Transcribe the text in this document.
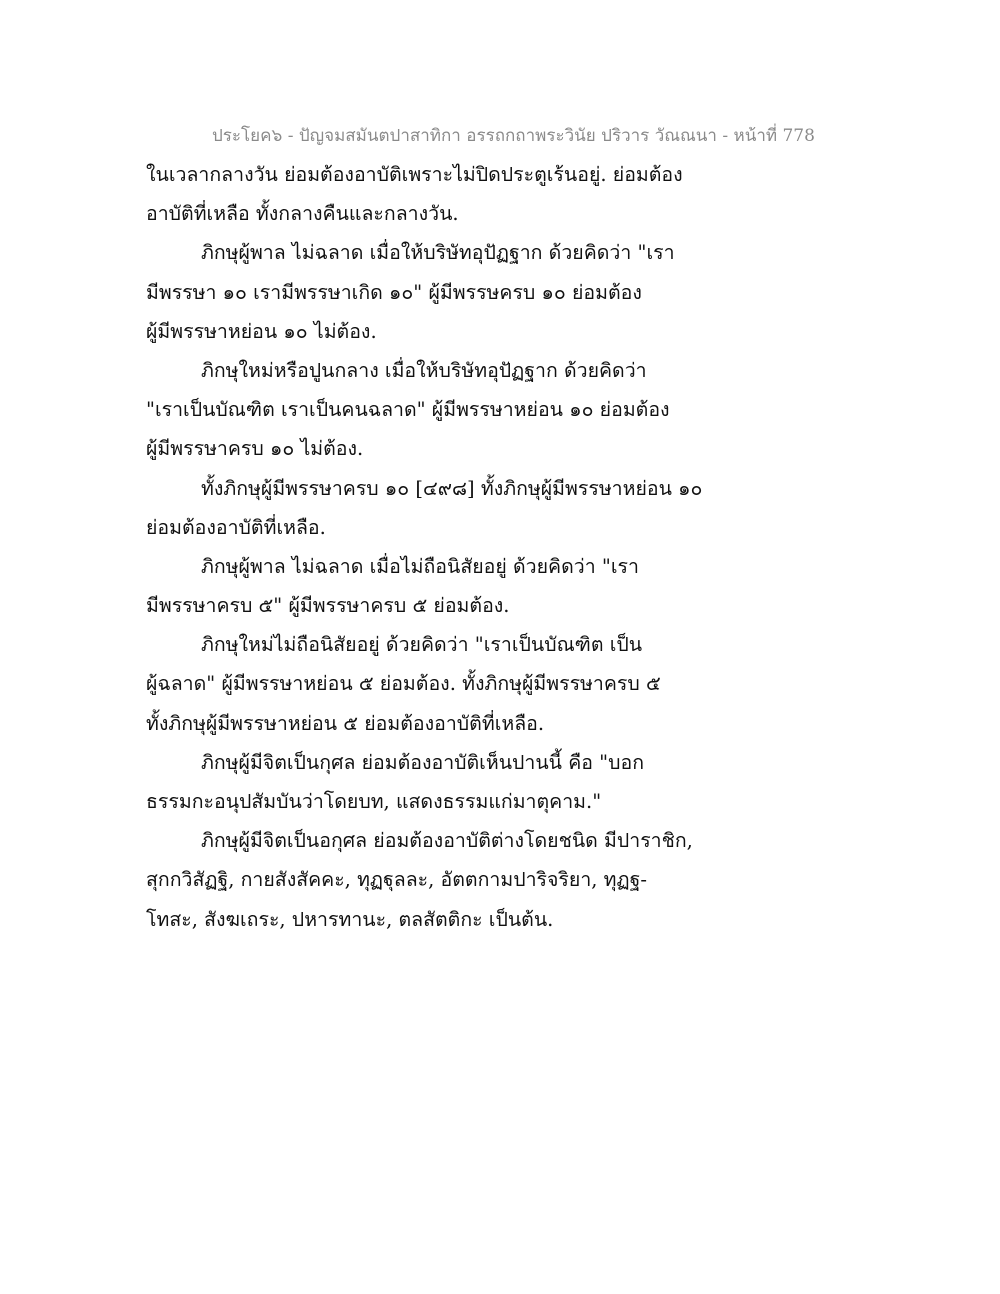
ประโยค๖ - ปัญจมสมันตปาสาทิกา อรรถกถาพระวินัย ปริวาร วัณณนา - หน้าที่ 778
ในเวลากลางวัน ย่อมต้องอาบัติเพราะไม่ปิดประตูเร้นอยู่. ย่อมต้อง
อาบัติที่เหลือ ทั้งกลางคืนและกลางวัน.
ภิกษุผู้พาล ไม่ฉลาด เมื่อให้บริษัทอุปัฏฐาก ด้วยคิดว่า "เรา
มีพรรษา ๑๐ เรามีพรรษาเกิด ๑๐" ผู้มีพรรษครบ ๑๐ ย่อมต้อง
ผู้มีพรรษาหย่อน ๑๐ ไม่ต้อง.
ภิกษุใหม่หรือปูนกลาง เมื่อให้บริษัทอุปัฏฐาก ด้วยคิดว่า
"เราเป็นบัณฑิต เราเป็นคนฉลาด" ผู้มีพรรษาหย่อน ๑๐ ย่อมต้อง
ผู้มีพรรษาครบ ๑๐ ไม่ต้อง.
ทั้งภิกษุผู้มีพรรษาครบ ๑๐ [๔๙๘] ทั้งภิกษุผู้มีพรรษาหย่อน ๑๐
ย่อมต้องอาบัติที่เหลือ.
ภิกษุผู้พาล ไม่ฉลาด เมื่อไม่ถือนิสัยอยู่ ด้วยคิดว่า "เรา
มีพรรษาครบ ๕" ผู้มีพรรษาครบ ๕ ย่อมต้อง.
ภิกษุใหม่ไม่ถือนิสัยอยู่ ด้วยคิดว่า "เราเป็นบัณฑิต เป็น
ผู้ฉลาด" ผู้มีพรรษาหย่อน ๕ ย่อมต้อง. ทั้งภิกษุผู้มีพรรษาครบ ๕
ทั้งภิกษุผู้มีพรรษาหย่อน ๕ ย่อมต้องอาบัติที่เหลือ.
ภิกษุผู้มีจิตเป็นกุศล ย่อมต้องอาบัติเห็นปานนี้ คือ "บอก
ธรรมกะอนุปสัมบันว่าโดยบท, แสดงธรรมแก่มาตุคาม."
ภิกษุผู้มีจิตเป็นอกุศล ย่อมต้องอาบัติต่างโดยชนิด มีปาราชิก,
สุกกวิสัฏฐิ, กายสังสัคคะ, ทุฏฐุลละ, อัตตกามปาริจริยา, ทุฏฐ-
โทสะ, สังฆเถระ, ปหารทานะ, ตลสัตติกะ เป็นต้น.
